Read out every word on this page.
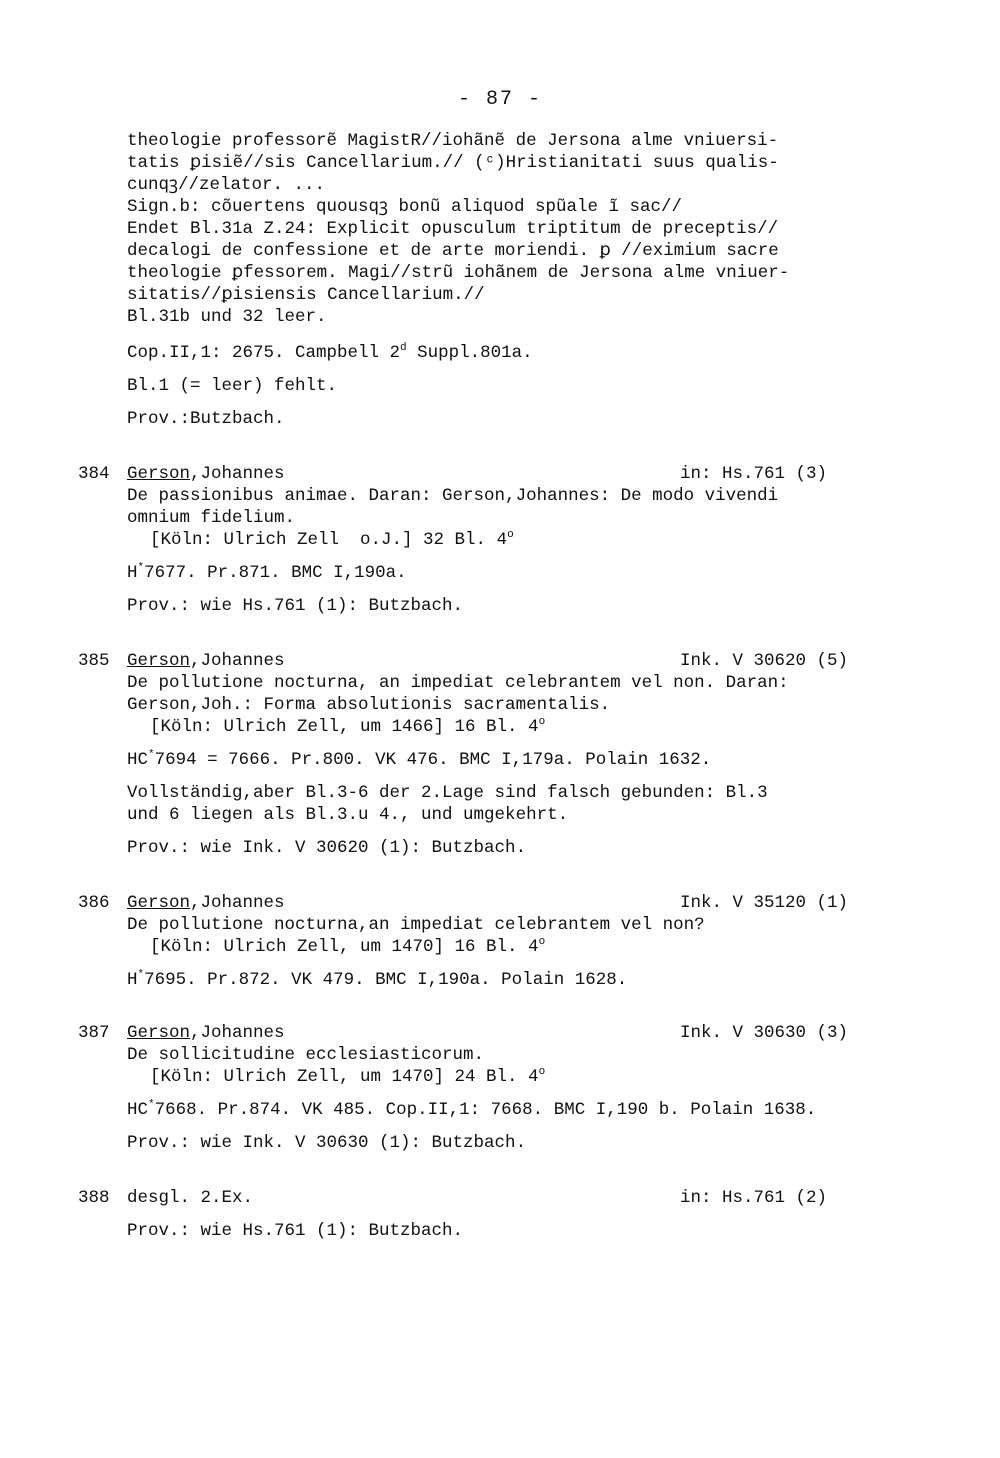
- 87 -
theologie professorẽ MagistR//iohãnẽ de Jersona alme vniuersi-
tatis ꝑisiẽ//sis Cancellarium.// (ᶜ)Hristianitati suus qualis-
cunqꝫ//zelator. ...
Sign.b: cõuertens quousqꝫ bonũ aliquod spũale ĩ sac//
Endet Bl.31a Z.24: Explicit opusculum triptitum de preceptis//
decalogi de confessione et de arte moriendi. ꝑ //eximium sacre
theologie ꝑfessorem. Magi//strũ iohãnem de Jersona alme vniuer-
sitatis//ꝑisiensis Cancellarium.//
Bl.31b und 32 leer.
Cop.II,1: 2675. Campbell 2$^d$ Suppl.801a.
Bl.1 (= leer) fehlt.
Prov.:Butzbach.
384 Gerson,Johannes	in: Hs.761 (3)
De passionibus animae. Daran: Gerson,Johannes: De modo vivendi
omnium fidelium.
[Köln: Ulrich Zell  o.J.] 32 Bl. 4$^o$
H*7677. Pr.871. BMC I,190a.
Prov.: wie Hs.761 (1): Butzbach.
385 Gerson,Johannes	Ink. V 30620 (5)
De pollutione nocturna, an impediat celebrantem vel non. Daran:
Gerson,Joh.: Forma absolutionis sacramentalis.
[Köln: Ulrich Zell, um 1466] 16 Bl. 4$^o$
HC*7694 = 7666. Pr.800. VK 476. BMC I,179a. Polain 1632.
Vollständig,aber Bl.3-6 der 2.Lage sind falsch gebunden: Bl.3
und 6 liegen als Bl.3.u 4., und umgekehrt.
Prov.: wie Ink. V 30620 (1): Butzbach.
386 Gerson,Johannes	Ink. V 35120 (1)
De pollutione nocturna,an impediat celebrantem vel non?
[Köln: Ulrich Zell, um 1470] 16 Bl. 4$^o$
H*7695. Pr.872. VK 479. BMC I,190a. Polain 1628.
387 Gerson,Johannes	Ink. V 30630 (3)
De sollicitudine ecclesiasticorum.
[Köln: Ulrich Zell, um 1470] 24 Bl. 4$^o$
HC*7668. Pr.874. VK 485. Cop.II,1: 7668. BMC I,190 b. Polain 1638.
Prov.: wie Ink. V 30630 (1): Butzbach.
388 desgl. 2.Ex.	in: Hs.761 (2)
Prov.: wie Hs.761 (1): Butzbach.
